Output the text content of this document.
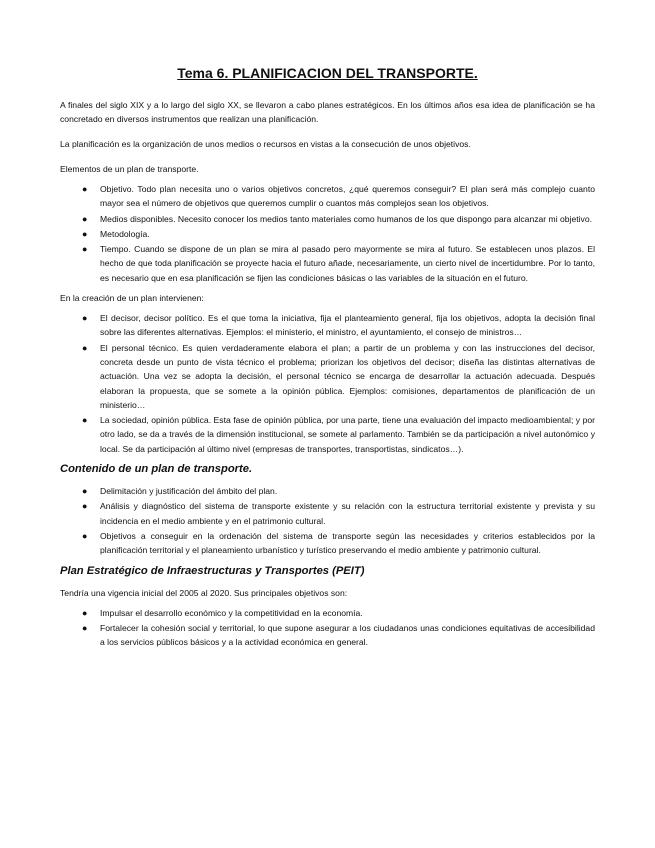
Tema 6. PLANIFICACION DEL TRANSPORTE.

A finales del siglo XIX y a lo largo del siglo XX, se llevaron a cabo planes estratégicos. En los últimos años esa idea de planificación se ha concretado en diversos instrumentos que realizan una planificación.

La planificación es la organización de unos medios o recursos en vistas a la consecución de unos objetivos.

Elementos de un plan de transporte.

● Objetivo. Todo plan necesita uno o varios objetivos concretos, ¿qué queremos conseguir? El plan será más complejo cuanto mayor sea el número de objetivos que queremos cumplir o cuantos más complejos sean los objetivos.
● Medios disponibles. Necesito conocer los medios tanto materiales como humanos de los que dispongo para alcanzar mi objetivo.
● Metodología.
● Tiempo. Cuando se dispone de un plan se mira al pasado pero mayormente se mira al futuro. Se establecen unos plazos. El hecho de que toda planificación se proyecte hacia el futuro añade, necesariamente, un cierto nivel de incertidumbre. Por lo tanto, es necesario que en esa planificación se fijen las condiciones básicas o las variables de la situación en el futuro.

En la creación de un plan intervienen:

● El decisor, decisor político. Es el que toma la iniciativa, fija el planteamiento general, fija los objetivos, adopta la decisión final sobre las diferentes alternativas. Ejemplos: el ministerio, el ministro, el ayuntamiento, el consejo de ministros…
● El personal técnico. Es quien verdaderamente elabora el plan; a partir de un problema y con las instrucciones del decisor, concreta desde un punto de vista técnico el problema; priorizan los objetivos del decisor; diseña las distintas alternativas de actuación. Una vez se adopta la decisión, el personal técnico se encarga de desarrollar la actuación adecuada. Después elaboran la propuesta, que se somete a la opinión pública. Ejemplos: comisiones, departamentos de planificación de un ministerio…
● La sociedad, opinión pública. Esta fase de opinión pública, por una parte, tiene una evaluación del impacto medioambiental; y por otro lado, se da a través de la dimensión institucional, se somete al parlamento. También se da participación a nivel autonómico y local. Se da participación al último nivel (empresas de transportes, transportistas, sindicatos…).
Contenido de un plan de transporte.
● Delimitación y justificación del ámbito del plan.
● Análisis y diagnóstico del sistema de transporte existente y su relación con la estructura territorial existente y prevista y su incidencia en el medio ambiente y en el patrimonio cultural.
● Objetivos a conseguir en la ordenación del sistema de transporte según las necesidades y criterios establecidos por la planificación territorial y el planeamiento urbanístico y turístico preservando el medio ambiente y patrimonio cultural.
Plan Estratégico de Infraestructuras y Transportes (PEIT)

Tendría una vigencia inicial del 2005 al 2020. Sus principales objetivos son:

● Impulsar el desarrollo económico y la competitividad en la economía.
● Fortalecer la cohesión social y territorial, lo que supone asegurar a los ciudadanos unas condiciones equitativas de accesibilidad a los servicios públicos básicos y a la actividad económica en general.
